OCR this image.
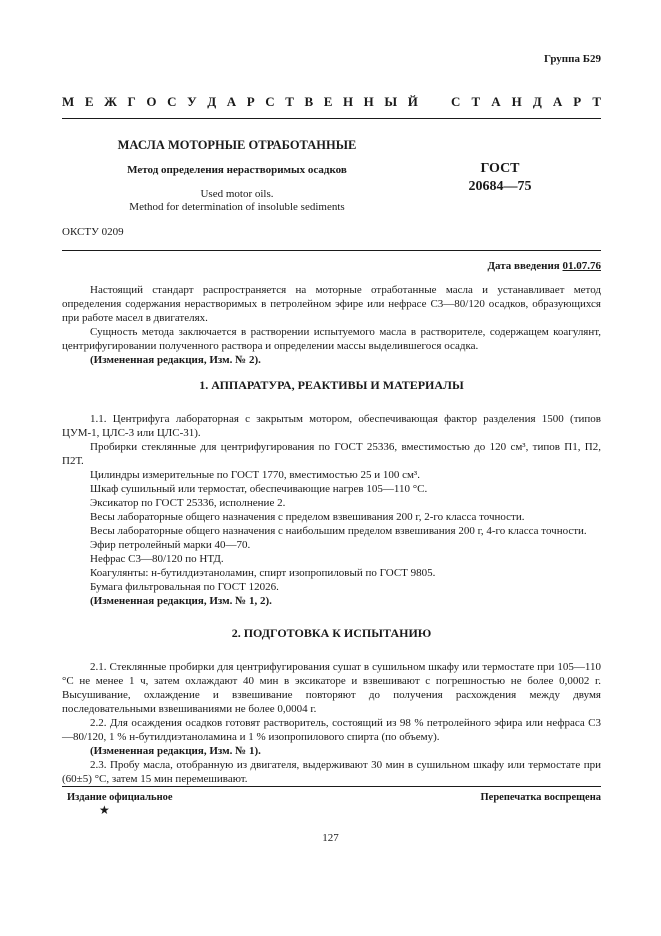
Группа Б29
М Е Ж Г О С У Д А Р С Т В Е Н Н Ы Й	С Т А Н Д А Р Т
МАСЛА МОТОРНЫЕ ОТРАБОТАННЫЕ
Метод определения нерастворимых осадков
Used motor oils.
Method for determination of insoluble sediments
ГОСТ
20684—75
ОКСТУ 0209
Дата введения 01.07.76

Настоящий стандарт распространяется на моторные отработанные масла и устанавливает метод определения содержания нерастворимых в петролейном эфире или нефрасе С3—80/120 осадков, образующихся при работе масел в двигателях.

Сущность метода заключается в растворении испытуемого масла в растворителе, содержащем коагулянт, центрифугировании полученного раствора и определении массы выделившегося осадка.

(Измененная редакция, Изм. № 2).

1. АППАРАТУРА, РЕАКТИВЫ И МАТЕРИАЛЫ

1.1. Центрифуга лабораторная с закрытым мотором, обеспечивающая фактор разделения 1500 (типов ЦУМ-1, ЦЛС-3 или ЦЛС-31).

Пробирки стеклянные для центрифугирования по ГОСТ 25336, вместимостью до 120 см³, типов П1, П2, П2Т.

Цилиндры измерительные по ГОСТ 1770, вместимостью 25 и 100 см³.

Шкаф сушильный или термостат, обеспечивающие нагрев 105—110 °С.

Эксикатор по ГОСТ 25336, исполнение 2.

Весы лабораторные общего назначения с пределом взвешивания 200 г, 2-го класса точности.

Весы лабораторные общего назначения с наибольшим пределом взвешивания 200 г, 4-го класса точности.

Эфир петролейный марки 40—70.

Нефрас С3—80/120 по НТД.

Коагулянты: н-бутилдиэтаноламин, спирт изопропиловый по ГОСТ 9805.

Бумага фильтровальная по ГОСТ 12026.

(Измененная редакция, Изм. № 1, 2).

2. ПОДГОТОВКА К ИСПЫТАНИЮ

2.1. Стеклянные пробирки для центрифугирования сушат в сушильном шкафу или термостате при 105—110 °С не менее 1 ч, затем охлаждают 40 мин в эксикаторе и взвешивают с погрешностью не более 0,0002 г. Высушивание, охлаждение и взвешивание повторяют до получения расхождения между двумя последовательными взвешиваниями не более 0,0004 г.

2.2. Для осаждения осадков готовят растворитель, состоящий из 98 % петролейного эфира или нефраса С3—80/120, 1 % н-бутилдиэтаноламина и 1 % изопропилового спирта (по объему).

(Измененная редакция, Изм. № 1).

2.3. Пробу масла, отобранную из двигателя, выдерживают 30 мин в сушильном шкафу или термостате при (60±5) °С, затем 15 мин перемешивают.

Издание официальное	Перепечатка воспрещена
★
127
